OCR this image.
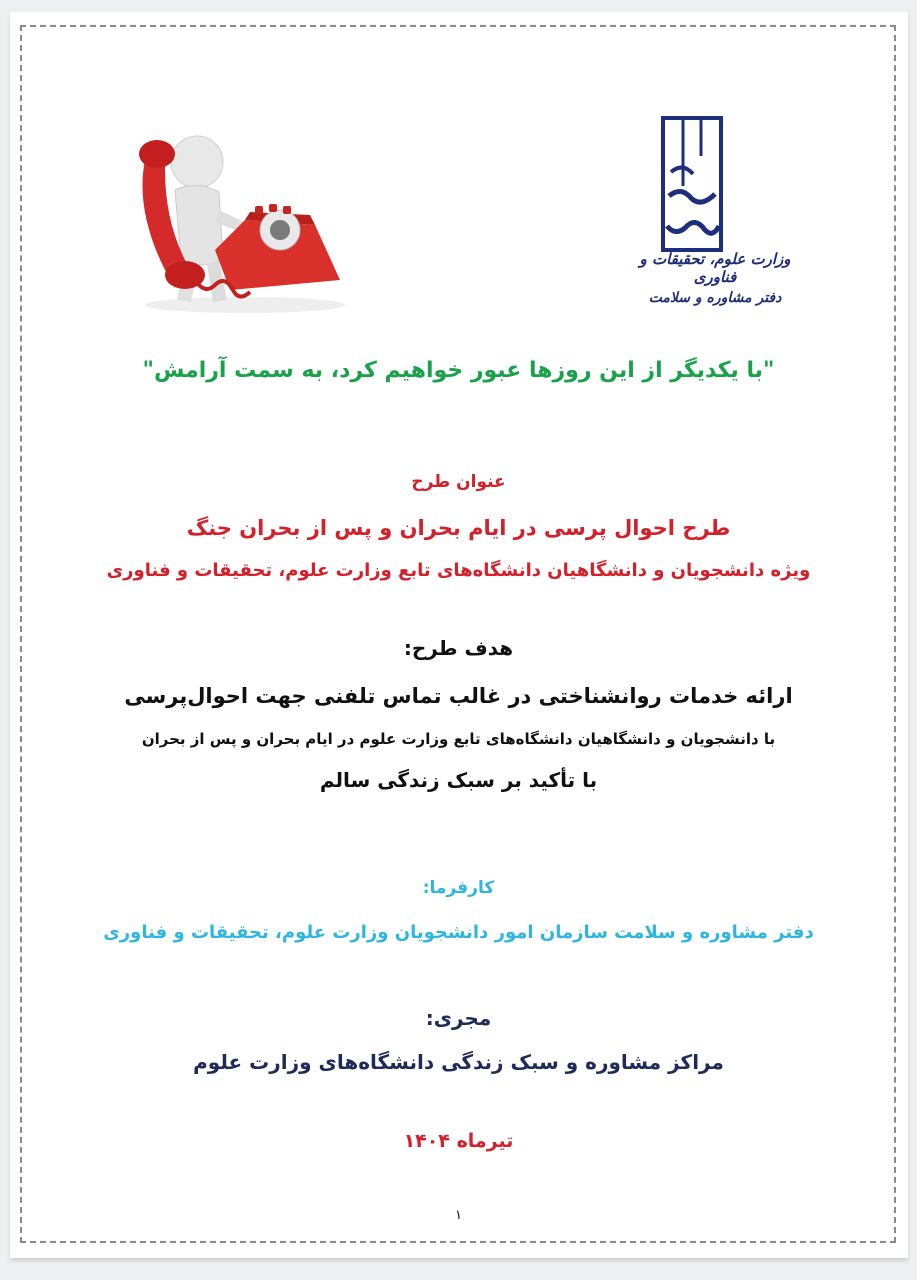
وزارت علوم، تحقیقات و فناوری
دفتر مشاوره و سلامت
"با یکدیگر از این روزها عبور خواهیم کرد، به سمت آرامش"
عنوان طرح
طرح احوال پرسی در ایام بحران و پس از بحران جنگ
ویژه دانشجویان و دانشگاهیان دانشگاه‌های تابع وزارت علوم، تحقیقات و فناوری
هدف طرح:
ارائه خدمات روانشناختی در غالب تماس تلفنی جهت احوال‌پرسی
با دانشجویان و دانشگاهیان دانشگاه‌های تابع وزارت علوم در ایام بحران و پس از بحران
با تأکید بر سبک زندگی سالم
کارفرما:
دفتر مشاوره و سلامت سازمان امور دانشجویان وزارت علوم، تحقیقات و فناوری
مجری:
مراکز مشاوره و سبک زندگی دانشگاه‌های وزارت علوم
تیرماه ۱۴۰۴
۱
